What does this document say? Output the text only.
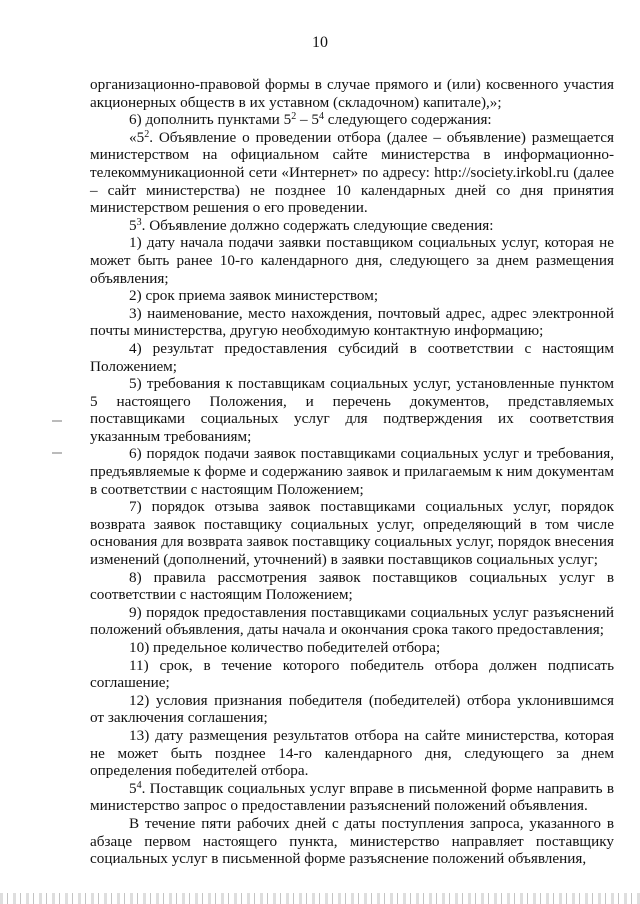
10

организационно-правовой формы в случае прямого и (или) косвенного участия акционерных обществ в их уставном (складочном) капитале),»;

6) дополнить пунктами $5^2 - 5^4$ следующего содержания:

«$5^2$. Объявление о проведении отбора (далее – объявление) размещается министерством на официальном сайте министерства в информационно-телекоммуникационной сети «Интернет» по адресу: http://society.irkobl.ru (далее – сайт министерства) не позднее 10 календарных дней со дня принятия министерством решения о его проведении.

$5^3$. Объявление должно содержать следующие сведения:

1) дату начала подачи заявки поставщиком социальных услуг, которая не может быть ранее 10-го календарного дня, следующего за днем размещения объявления;

2) срок приема заявок министерством;

3) наименование, место нахождения, почтовый адрес, адрес электронной почты министерства, другую необходимую контактную информацию;

4) результат предоставления субсидий в соответствии с настоящим Положением;

5) требования к поставщикам социальных услуг, установленные пунктом 5 настоящего Положения, и перечень документов, представляемых поставщиками социальных услуг для подтверждения их соответствия указанным требованиям;

6) порядок подачи заявок поставщиками социальных услуг и требования, предъявляемые к форме и содержанию заявок и прилагаемым к ним документам в соответствии с настоящим Положением;

7) порядок отзыва заявок поставщиками социальных услуг, порядок возврата заявок поставщику социальных услуг, определяющий в том числе основания для возврата заявок поставщику социальных услуг, порядок внесения изменений (дополнений, уточнений) в заявки поставщиков социальных услуг;

8) правила рассмотрения заявок поставщиков социальных услуг в соответствии с настоящим Положением;

9) порядок предоставления поставщиками социальных услуг разъяснений положений объявления, даты начала и окончания срока такого предоставления;

10) предельное количество победителей отбора;

11) срок, в течение которого победитель отбора должен подписать соглашение;

12) условия признания победителя (победителей) отбора уклонившимся от заключения соглашения;

13) дату размещения результатов отбора на сайте министерства, которая не может быть позднее 14-го календарного дня, следующего за днем определения победителей отбора.

$5^4$. Поставщик социальных услуг вправе в письменной форме направить в министерство запрос о предоставлении разъяснений положений объявления.

В течение пяти рабочих дней с даты поступления запроса, указанного в абзаце первом настоящего пункта, министерство направляет поставщику социальных услуг в письменной форме разъяснение положений объявления,
